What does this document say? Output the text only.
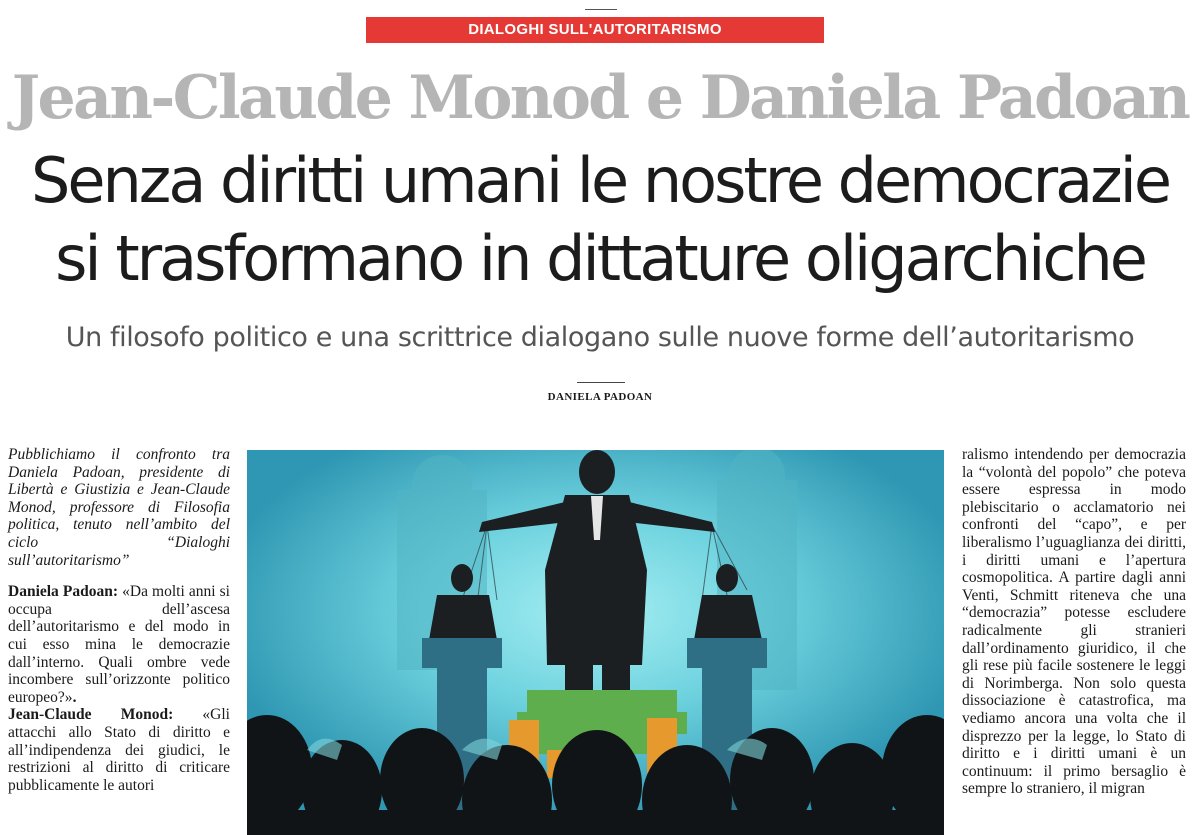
DIALOGHI SULL'AUTORITARISMO
Jean-Claude Monod e Daniela Padoan
Senza diritti umani le nostre democrazie
si trasformano in dittature oligarchiche
Un filosofo politico e una scrittrice dialogano sulle nuove forme dell’autoritarismo
DANIELA PADOAN

Pubblichiamo il confronto tra Daniela Padoan, presidente di Libertà e Giustizia e Jean-Claude Monod, professore di Filosofia politica, tenuto nell’ambito del ciclo “Dialoghi sull’autoritarismo”

Daniela Padoan: «Da molti anni si occupa dell’ascesa dell’autoritarismo e del modo in cui esso mina le democrazie dall’interno. Quali ombre vede incombere sull’orizzonte politico europeo?».

Jean-Claude Monod: «Gli attacchi allo Stato di diritto e all’indipendenza dei giudici, le restrizioni al diritto di criticare pubblicamente le autori

ralismo intendendo per democrazia la “volontà del popolo” che poteva essere espressa in modo plebiscitario o acclamatorio nei confronti del “capo”, e per liberalismo l’uguaglianza dei diritti, i diritti umani e l’apertura cosmopolitica. A partire dagli anni Venti, Schmitt riteneva che una “democrazia” potesse escludere radicalmente gli stranieri dall’ordinamento giuridico, il che gli rese più facile sostenere le leggi di Norimberga. Non solo questa dissociazione è catastrofica, ma vediamo ancora una volta che il disprezzo per la legge, lo Stato di diritto e i diritti umani è un continuum: il primo bersaglio è sempre lo straniero, il migran
